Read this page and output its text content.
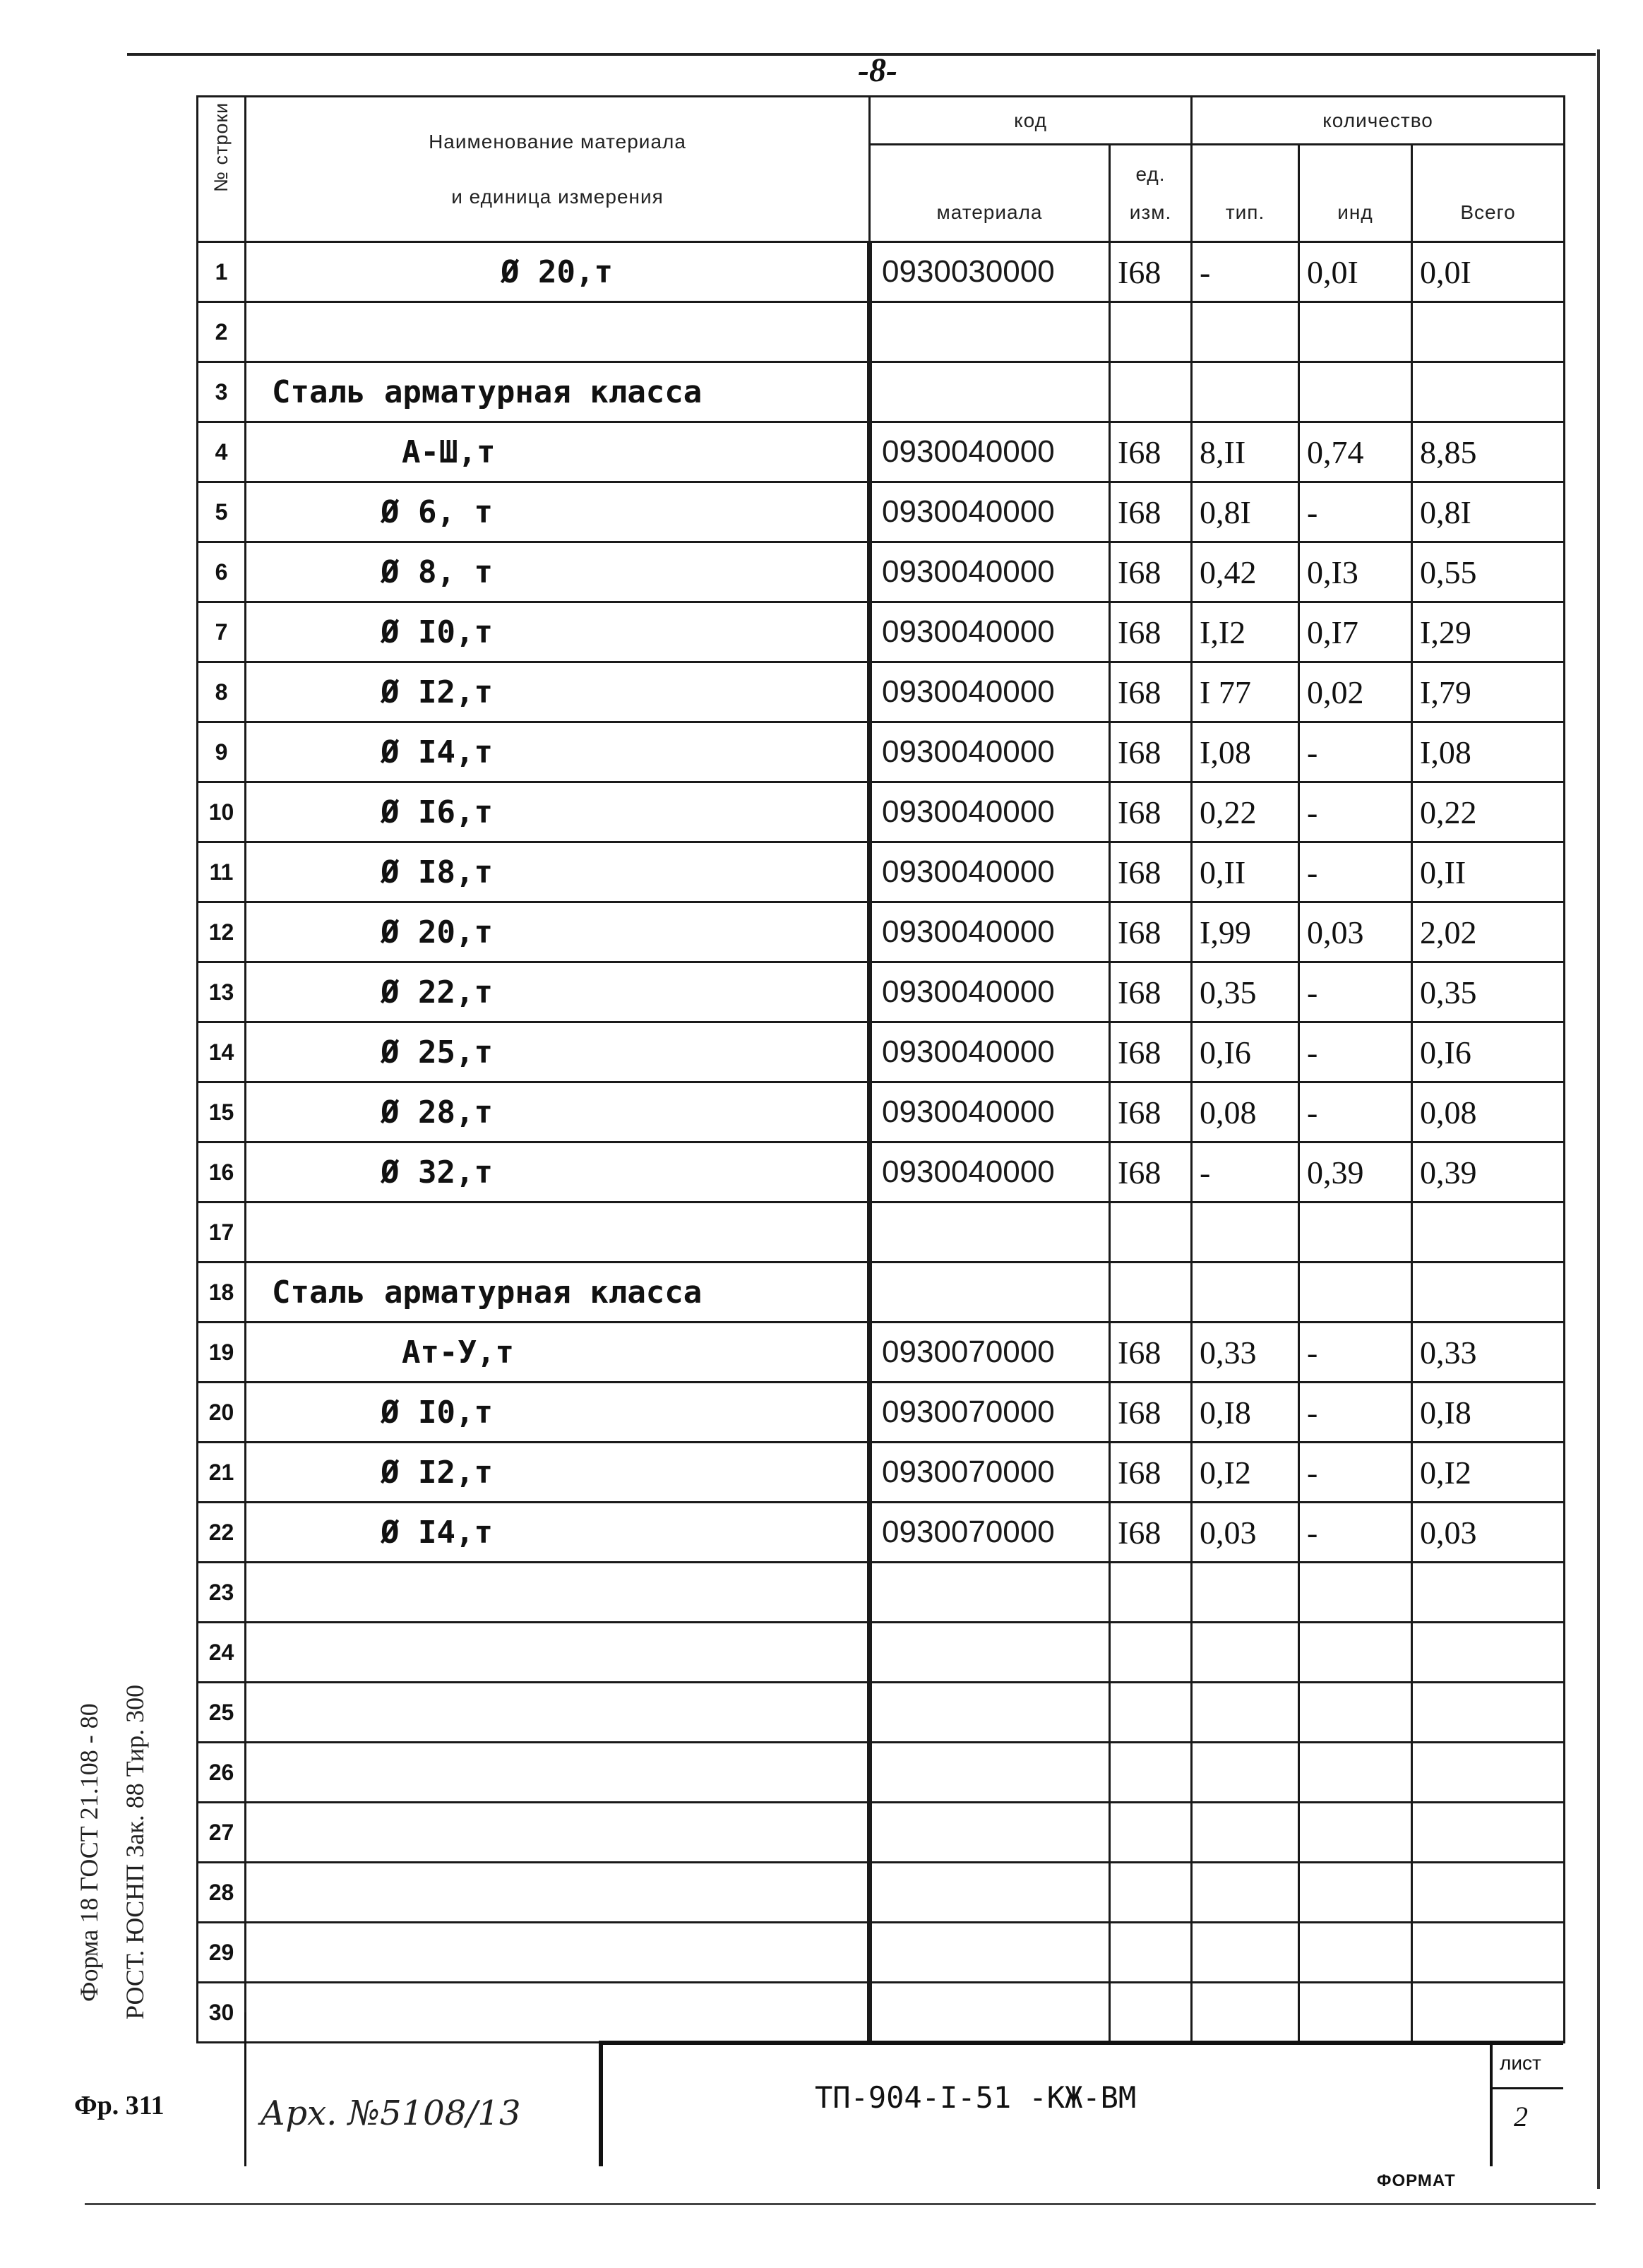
-8-
№ строки	Наименование материала
и единица измерения	код		количество		
		материала	ед.
изм.	тип.	инд	Всего
1	Ø 20,т	0930030000	I68	-	0,0I	0,0I
2						
3	Сталь арматурная класса					
4	А-Ш,т	0930040000	I68	8,II	0,74	8,85
5	Ø 6, т	0930040000	I68	0,8I	-	0,8I
6	Ø 8, т	0930040000	I68	0,42	0,I3	0,55
7	Ø I0,т	0930040000	I68	I,I2	0,I7	I,29
8	Ø I2,т	0930040000	I68	I 77	0,02	I,79
9	Ø I4,т	0930040000	I68	I,08	-	I,08
10	Ø I6,т	0930040000	I68	0,22	-	0,22
11	Ø I8,т	0930040000	I68	0,II	-	0,II
12	Ø 20,т	0930040000	I68	I,99	0,03	2,02
13	Ø 22,т	0930040000	I68	0,35	-	0,35
14	Ø 25,т	0930040000	I68	0,I6	-	0,I6
15	Ø 28,т	0930040000	I68	0,08	-	0,08
16	Ø 32,т	0930040000	I68	-	0,39	0,39
17						
18	Сталь арматурная класса					
19	Ат-У,т	0930070000	I68	0,33	-	0,33
20	Ø I0,т	0930070000	I68	0,I8	-	0,I8
21	Ø I2,т	0930070000	I68	0,I2	-	0,I2
22	Ø I4,т	0930070000	I68	0,03	-	0,03
23						
24						
25						
26						
27						
28						
29						
30						
Арх. №5108/13	ТП-904-I-51 -КЖ-ВМ
лист
2
ФОРМАТ
Форма 18 ГОСТ 21.108 - 80 РОСТ. ЮСНП Зак. 88 Тир. 300
Фр. 311
